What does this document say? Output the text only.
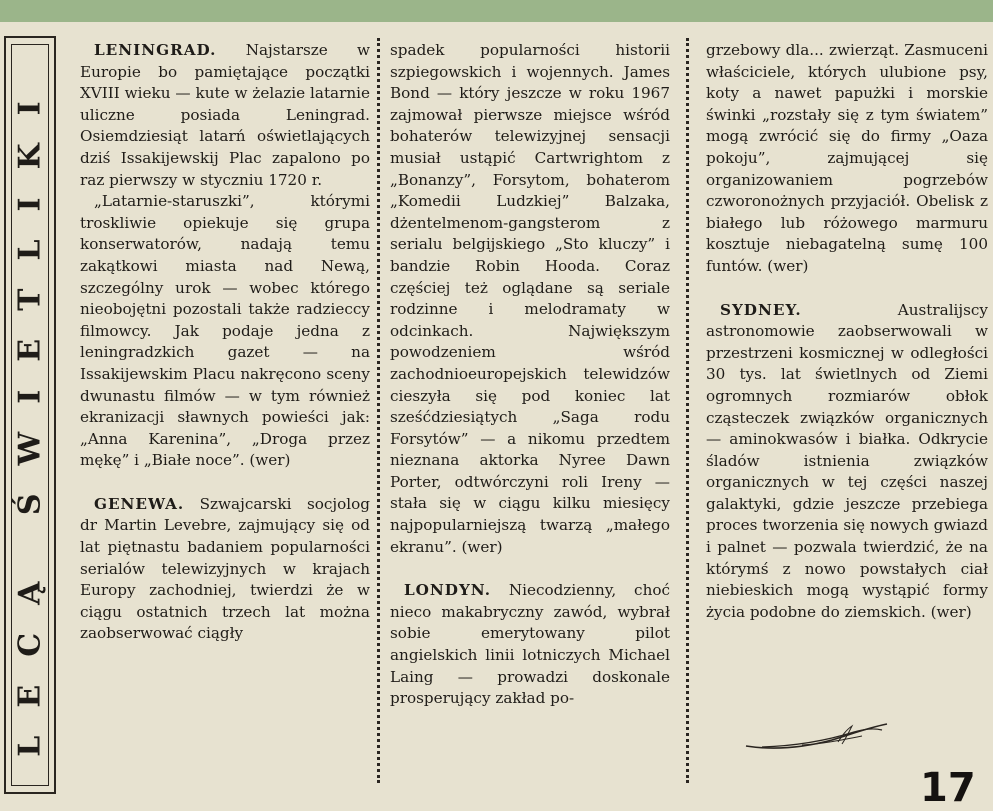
LECĄ ŚWIETLIKI

LENINGRAD. Najstarsze w Europie bo pamiętające początki XVIII wieku — kute w żelazie latarnie uliczne posiada Leningrad. Osiemdziesiąt latarń oświetlających dziś Issakijewskij Plac zapalono po raz pierwszy w styczniu 1720 r.

„Latarnie-staruszki”, którymi troskliwie opiekuje się grupa konserwatorów, nadają temu zakątkowi miasta nad Newą, szczególny urok — wobec którego nieobojętni pozostali także radzieccy filmowcy. Jak podaje jedna z leningradzkich gazet — na Issakijewskim Placu nakręcono sceny dwunastu filmów — w tym również ekranizacji sławnych powieści jak: „Anna Karenina”, „Droga przez mękę” i „Białe noce”. (wer)

GENEWA. Szwajcarski socjolog dr Martin Levebre, zajmujący się od lat piętnastu badaniem popularności serialów telewizyjnych w krajach Europy zachodniej, twierdzi że w ciągu ostatnich trzech lat można zaobserwować ciągły

spadek popularności historii szpiegowskich i wojennych. James Bond — który jeszcze w roku 1967 zajmował pierwsze miejsce wśród bohaterów telewizyjnej sensacji musiał ustąpić Cartwrightom z „Bonanzy”, Forsytom, bohaterom „Komedii Ludzkiej” Balzaka, dżentelmenom-gangsterom z serialu belgijskiego „Sto kluczy” i bandzie Robin Hooda. Coraz częściej też oglądane są seriale rodzinne i melodramaty w odcinkach. Największym powodzeniem wśród zachodnioeuropejskich telewidzów cieszyła się pod koniec lat sześćdziesiątych „Saga rodu Forsytów” — a nikomu przedtem nieznana aktorka Nyree Dawn Porter, odtwórczyni roli Ireny — stała się w ciągu kilku miesięcy najpopularniejszą twarzą „małego ekranu”. (wer)

LONDYN. Niecodzienny, choć nieco makabryczny zawód, wybrał sobie emerytowany pilot angielskich linii lotniczych Michael Laing — prowadzi doskonale prosperujący zakład po-

grzebowy dla... zwierząt. Zasmuceni właściciele, których ulubione psy, koty a nawet papużki i morskie świnki „rozstały się z tym światem” mogą zwrócić się do firmy „Oaza pokoju”, zajmującej się organizowaniem pogrzebów czworonożnych przyjaciół. Obelisk z białego lub różowego marmuru kosztuje niebagatelną sumę 100 funtów. (wer)

SYDNEY.	Australijscy astronomowie zaobserwowali w przestrzeni kosmicznej w odległości 30 tys. lat świetlnych od Ziemi ogromnych rozmiarów obłok cząsteczek związków organicznych — aminokwasów i białka. Odkrycie śladów istnienia związków organicznych w tej części naszej galaktyki, gdzie jeszcze przebiega proces tworzenia się nowych gwiazd i palnet — pozwala twierdzić, że na którymś z nowo powstałych ciał niebieskich mogą wystąpić formy życia podobne do ziemskich. (wer)

17
